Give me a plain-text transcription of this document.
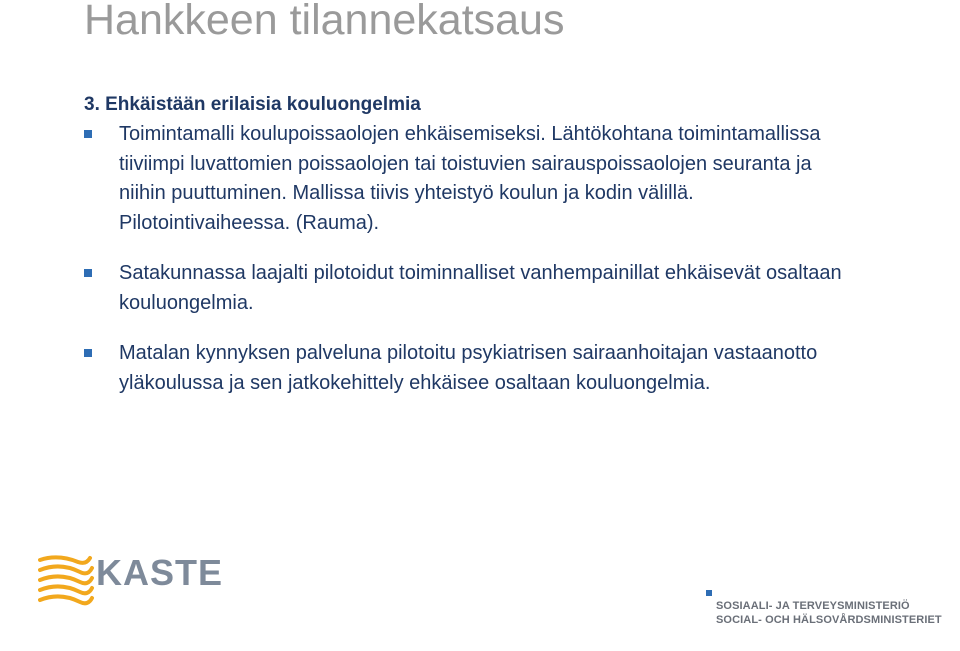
Hankkeen tilannekatsaus
3. Ehkäistään erilaisia kouluongelmia
Toimintamalli koulupoissaolojen ehkäisemiseksi. Lähtökohtana toimintamallissa tiiviimpi luvattomien poissaolojen tai toistuvien sairauspoissaolojen seuranta ja niihin puuttuminen. Mallissa tiivis yhteistyö koulun ja kodin välillä. Pilotointivaiheessa. (Rauma).
Satakunnassa laajalti pilotoidut toiminnalliset vanhempainillat ehkäisevät osaltaan kouluongelmia.
Matalan kynnyksen palveluna pilotoitu psykiatrisen sairaanhoitajan vastaanotto yläkoulussa ja sen jatkokehittely ehkäisee osaltaan kouluongelmia.
KASTE
SOSIAALI- JA TERVEYSMINISTERIÖ
SOCIAL- OCH HÄLSOVÅRDSMINISTERIET
